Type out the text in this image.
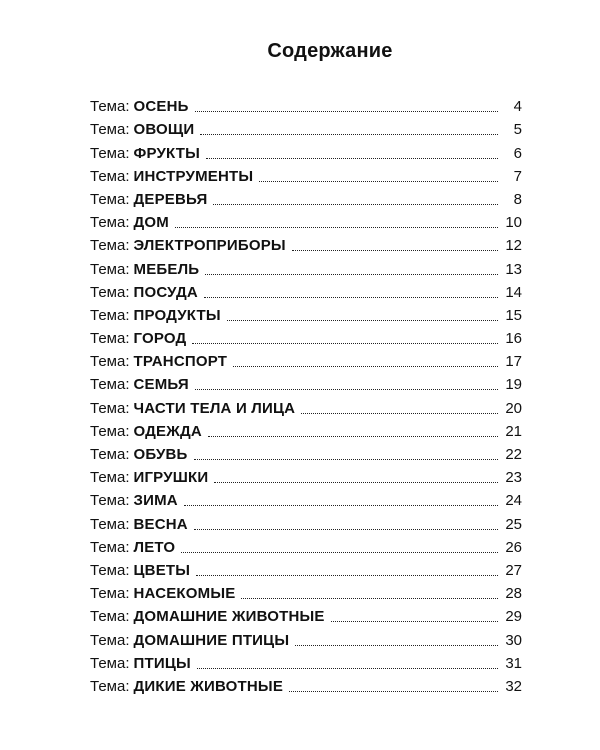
Содержание
Тема: ОСЕНЬ	4
Тема: ОВОЩИ	5
Тема: ФРУКТЫ	6
Тема: ИНСТРУМЕНТЫ	7
Тема: ДЕРЕВЬЯ	8
Тема: ДОМ	10
Тема: ЭЛЕКТРОПРИБОРЫ	12
Тема: МЕБЕЛЬ	13
Тема: ПОСУДА	14
Тема: ПРОДУКТЫ	15
Тема: ГОРОД	16
Тема: ТРАНСПОРТ	17
Тема: СЕМЬЯ	19
Тема: ЧАСТИ ТЕЛА И ЛИЦА	20
Тема: ОДЕЖДА	21
Тема: ОБУВЬ	22
Тема: ИГРУШКИ	23
Тема: ЗИМА	24
Тема: ВЕСНА	25
Тема: ЛЕТО	26
Тема: ЦВЕТЫ	27
Тема: НАСЕКОМЫЕ	28
Тема: ДОМАШНИЕ ЖИВОТНЫЕ	29
Тема: ДОМАШНИЕ ПТИЦЫ	30
Тема: ПТИЦЫ	31
Тема: ДИКИЕ ЖИВОТНЫЕ	32
